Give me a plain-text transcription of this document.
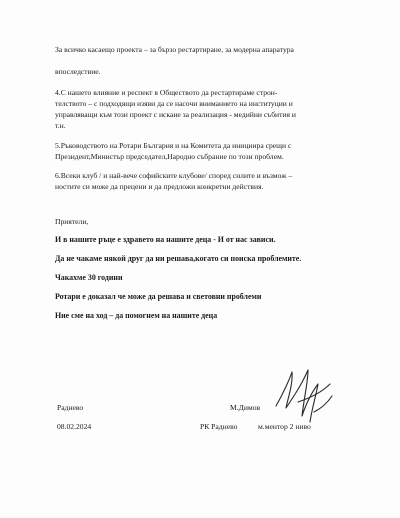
За всичко касаещо проекта – за бързо рестартиране, за модерна апаратура
впоследствие.
4.С нашето влияние и респект в Обществото да рестартираме строн-
телството – с подходящи изяви да се насочи вниманието на институции и
управляващи към този проект с искане за реализация - медийни събития и
т.н.
5.Ръководството на Ротари България и на Комитета да инициира срещи с
Президент,Министър председател,Народно събрание по този проблем.
6.Всеки клуб / и най-вече софийските клубове/ според силите и възмож –
ностите си може да прецени и да предложи конкретни действия.
Приятели,
И в нашите ръце е здравето на нашите деца - И от нас зависи.
Да не чакаме някой друг да ни решава,когато си поиска проблемите.
Чакахме 30 години
Ротари е доказал че може да решава и световни проблеми
Ние сме на ход – да помогнем на нашите деца
Раднево	М.Димов
08.02.2024	РК Раднево	м.ментор 2 ниво
